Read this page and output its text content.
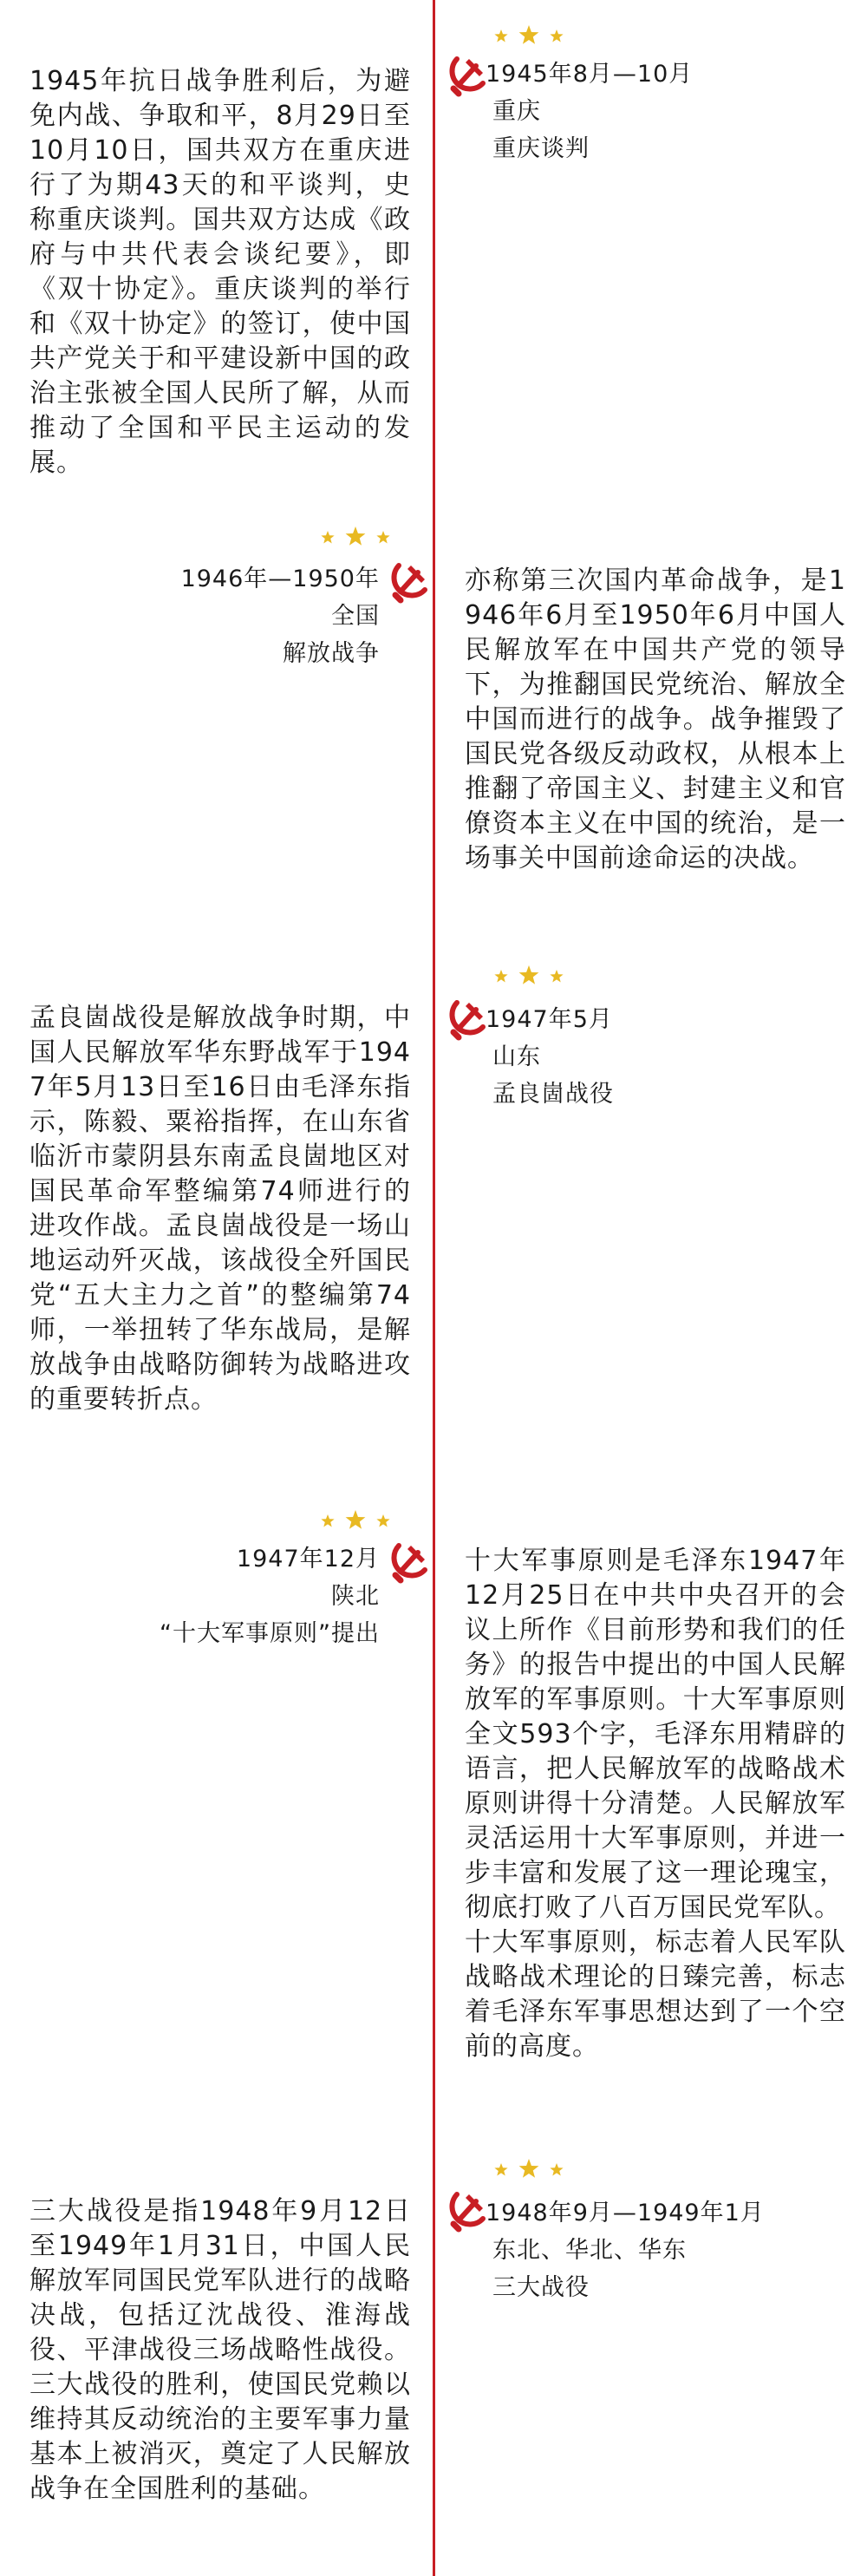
1945年8月—10月
重庆
重庆谈判

1945年抗日战争胜利后，为避免内战、争取和平，8月29日至10月10日，国共双方在重庆进行了为期43天的和平谈判，史称重庆谈判。国共双方达成《政府与中共代表会谈纪要》，即《双十协定》。重庆谈判的举行和《双十协定》的签订，使中国共产党关于和平建设新中国的政治主张被全国人民所了解，从而推动了全国和平民主运动的发展。

1946年—1950年
全国
解放战争

亦称第三次国内革命战争，是1946年6月至1950年6月中国人民解放军在中国共产党的领导下，为推翻国民党统治、解放全中国而进行的战争。战争摧毁了国民党各级反动政权，从根本上推翻了帝国主义、封建主义和官僚资本主义在中国的统治，是一场事关中国前途命运的决战。

1947年5月
山东
孟良崮战役

孟良崮战役是解放战争时期，中国人民解放军华东野战军于1947年5月13日至16日由毛泽东指示，陈毅、粟裕指挥，在山东省临沂市蒙阴县东南孟良崮地区对国民革命军整编第74师进行的进攻作战。孟良崮战役是一场山地运动歼灭战，该战役全歼国民党“五大主力之首”的整编第74师，一举扭转了华东战局，是解放战争由战略防御转为战略进攻的重要转折点。

1947年12月
陕北
“十大军事原则”提出

十大军事原则是毛泽东1947年12月25日在中共中央召开的会议上所作《目前形势和我们的任务》的报告中提出的中国人民解放军的军事原则。十大军事原则全文593个字，毛泽东用精辟的语言，把人民解放军的战略战术原则讲得十分清楚。人民解放军灵活运用十大军事原则，并进一步丰富和发展了这一理论瑰宝，彻底打败了八百万国民党军队。

十大军事原则，标志着人民军队战略战术理论的日臻完善，标志着毛泽东军事思想达到了一个空前的高度。

1948年9月—1949年1月
东北、华北、华东
三大战役

三大战役是指1948年9月12日至1949年1月31日，中国人民解放军同国民党军队进行的战略决战，包括辽沈战役、淮海战役、平津战役三场战略性战役。三大战役的胜利，使国民党赖以维持其反动统治的主要军事力量基本上被消灭，奠定了人民解放战争在全国胜利的基础。
